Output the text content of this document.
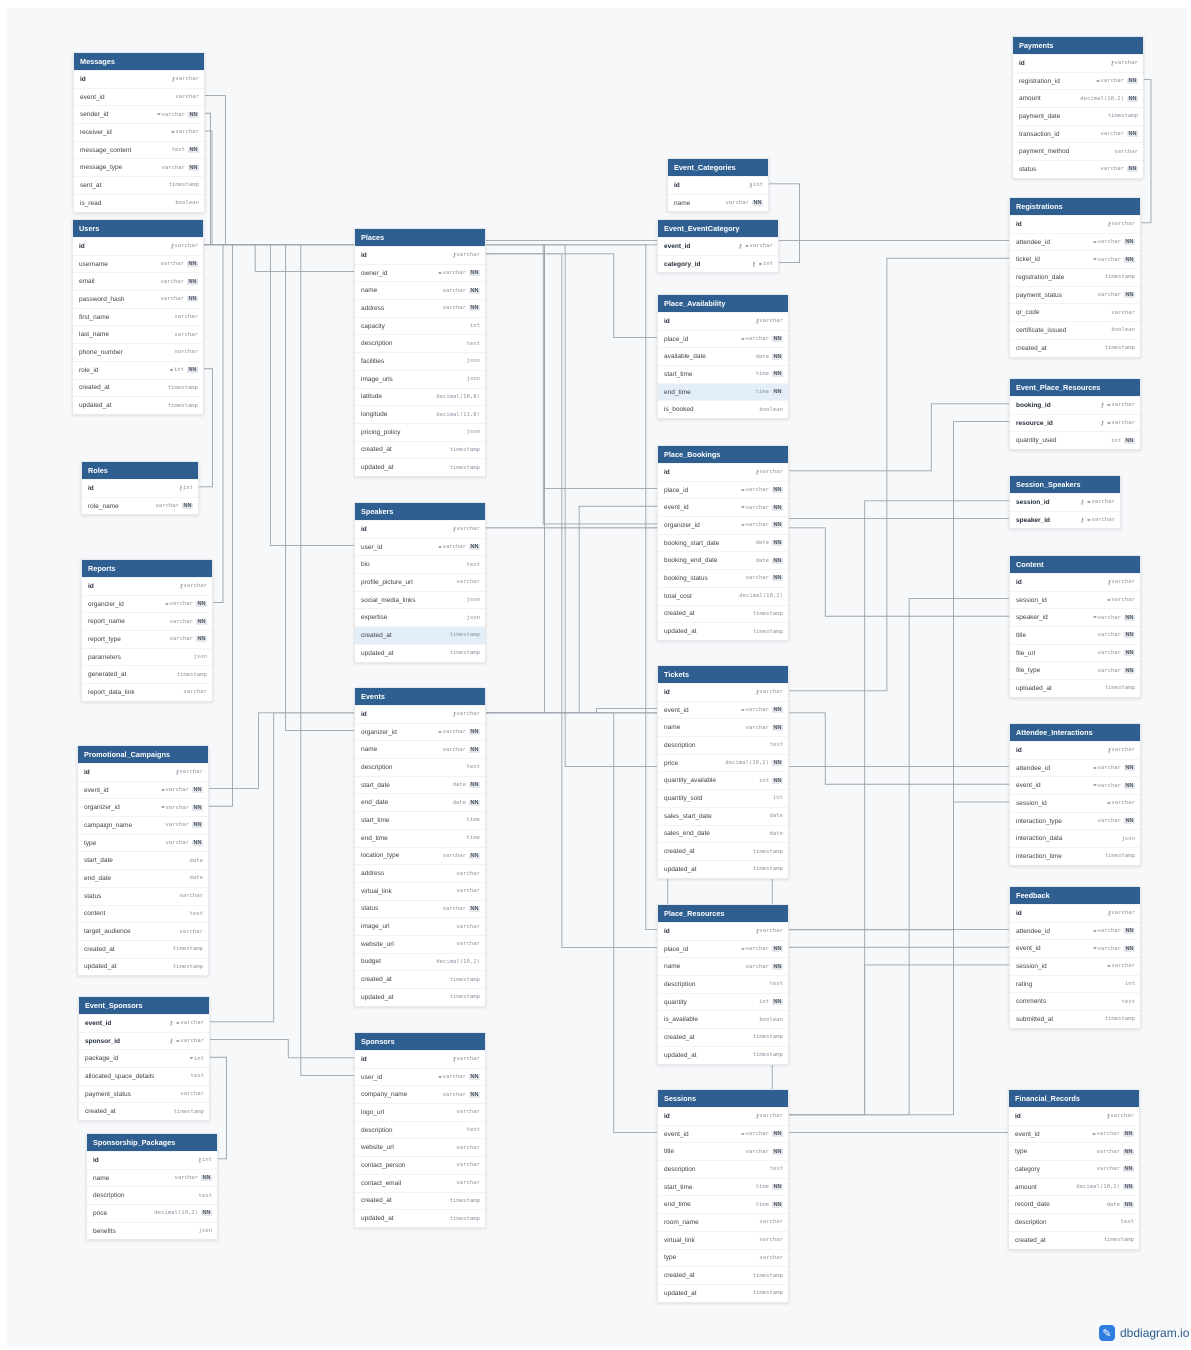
Messages
id	⚷ varchar
event_id	varchar
sender_id	⚭ varchar NN
receiver_id	⚭ varchar
message_content	text NN
message_type	varchar NN
sent_at	timestamp
is_read	boolean
Users
id	⚷ varchar
username	varchar NN
email	varchar NN
password_hash	varchar NN
first_name	varchar
last_name	varchar
phone_number	varchar
role_id	⚭ int NN
created_at	timestamp
updated_at	timestamp
Roles
id	⚷ int
role_name	varchar NN
Reports
id	⚷ varchar
organizer_id	⚭ varchar NN
report_name	varchar NN
report_type	varchar NN
parameters	json
generated_at	timestamp
report_data_link	varchar
Promotional_Campaigns
id	⚷ varchar
event_id	⚭ varchar NN
organizer_id	⚭ varchar NN
campaign_name	varchar NN
type	varchar NN
start_date	date
end_date	date
status	varchar
content	text
target_audience	varchar
created_at	timestamp
updated_at	timestamp
Event_Sponsors
event_id	⚷ ⚭ varchar
sponsor_id	⚷ ⚭ varchar
package_id	⚭ int
allocated_space_details	text
payment_status	varchar
created_at	timestamp
Sponsorship_Packages
id	⚷ int
name	varchar NN
description	text
price	decimal(10,2) NN
benefits	json
Places
id	⚷ varchar
owner_id	⚭ varchar NN
name	varchar NN
address	varchar NN
capacity	int
description	text
facilities	json
image_urls	json
latitude	decimal(10,8)
longitude	decimal(11,8)
pricing_policy	json
created_at	timestamp
updated_at	timestamp
Speakers
id	⚷ varchar
user_id	⚭ varchar NN
bio	text
profile_picture_url	varchar
social_media_links	json
expertise	json
created_at	timestamp
updated_at	timestamp
Events
id	⚷ varchar
organizer_id	⚭ varchar NN
name	varchar NN
description	text
start_date	date NN
end_date	date NN
start_time	time
end_time	time
location_type	varchar NN
address	varchar
virtual_link	varchar
status	varchar NN
image_url	varchar
website_url	varchar
budget	decimal(10,2)
created_at	timestamp
updated_at	timestamp
Sponsors
id	⚷ varchar
user_id	⚭ varchar NN
company_name	varchar NN
logo_url	varchar
description	text
website_url	varchar
contact_person	varchar
contact_email	varchar
created_at	timestamp
updated_at	timestamp
Event_Categories
id	⚷ int
name	varchar NN
Event_EventCategory
event_id	⚷ ⚭ varchar
category_id	⚷ ⚭ int
Place_Availability
id	⚷ varchar
place_id	⚭ varchar NN
available_date	date NN
start_time	time NN
end_time	time NN
is_booked	boolean
Place_Bookings
id	⚷ varchar
place_id	⚭ varchar NN
event_id	⚭ varchar NN
organizer_id	⚭ varchar NN
booking_start_date	date NN
booking_end_date	date NN
booking_status	varchar NN
total_cost	decimal(10,2)
created_at	timestamp
updated_at	timestamp
Tickets
id	⚷ varchar
event_id	⚭ varchar NN
name	varchar NN
description	text
price	decimal(10,2) NN
quantity_available	int NN
quantity_sold	int
sales_start_date	date
sales_end_date	date
created_at	timestamp
updated_at	timestamp
Place_Resources
id	⚷ varchar
place_id	⚭ varchar NN
name	varchar NN
description	text
quantity	int NN
is_available	boolean
created_at	timestamp
updated_at	timestamp
Sessions
id	⚷ varchar
event_id	⚭ varchar NN
title	varchar NN
description	text
start_time	time NN
end_time	time NN
room_name	varchar
virtual_link	varchar
type	varchar
created_at	timestamp
updated_at	timestamp
Payments
id	⚷ varchar
registration_id	⚭ varchar NN
amount	decimal(10,2) NN
payment_date	timestamp
transaction_id	varchar NN
payment_method	varchar
status	varchar NN
Registrations
id	⚷ varchar
attendee_id	⚭ varchar NN
ticket_id	⚭ varchar NN
registration_date	timestamp
payment_status	varchar NN
qr_code	varchar
certificate_issued	boolean
created_at	timestamp
Event_Place_Resources
booking_id	⚷ ⚭ varchar
resource_id	⚷ ⚭ varchar
quantity_used	int NN
Session_Speakers
session_id	⚷ ⚭ varchar
speaker_id	⚷ ⚭ varchar
Content
id	⚷ varchar
session_id	⚭ varchar
speaker_id	⚭ varchar NN
title	varchar NN
file_url	varchar NN
file_type	varchar NN
uploaded_at	timestamp
Attendee_Interactions
id	⚷ varchar
attendee_id	⚭ varchar NN
event_id	⚭ varchar NN
session_id	⚭ varchar
interaction_type	varchar NN
interaction_data	json
interaction_time	timestamp
Feedback
id	⚷ varchar
attendee_id	⚭ varchar NN
event_id	⚭ varchar NN
session_id	⚭ varchar
rating	int
comments	text
submitted_at	timestamp
Financial_Records
id	⚷ varchar
event_id	⚭ varchar NN
type	varchar NN
category	varchar NN
amount	decimal(10,2) NN
record_date	date NN
description	text
created_at	timestamp
✎ dbdiagram.io
